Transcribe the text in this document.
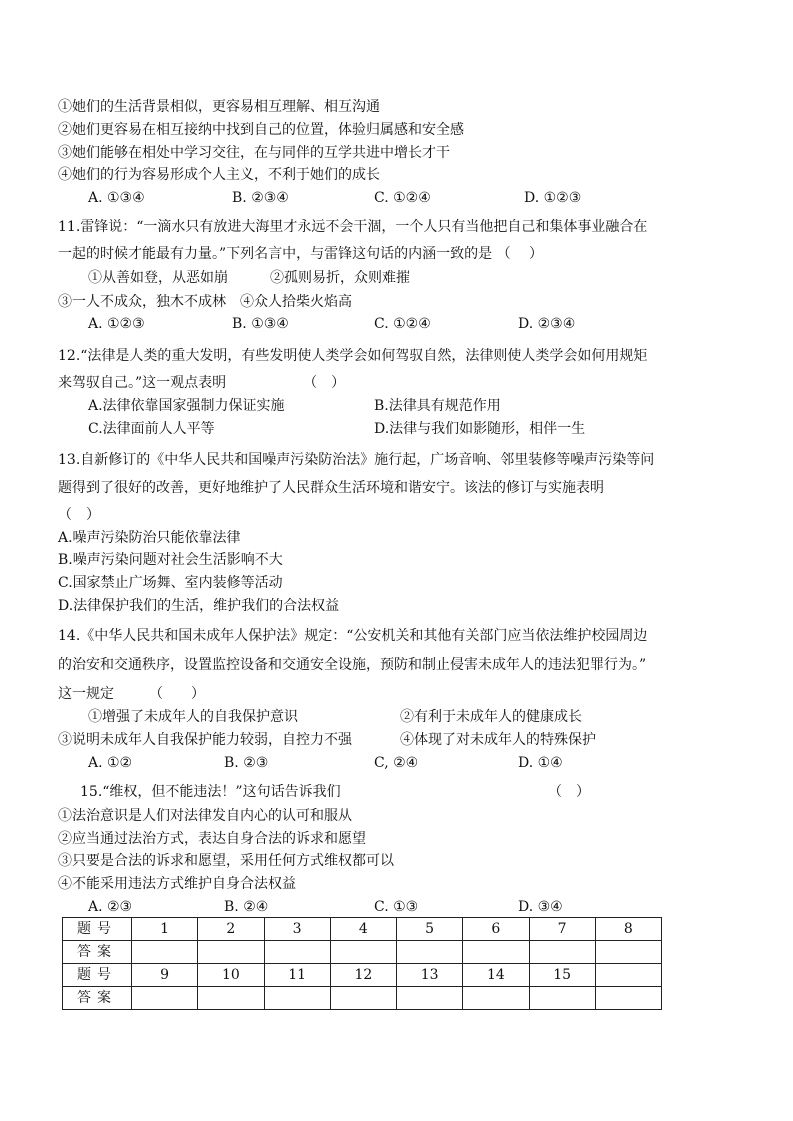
①她们的生活背景相似，更容易相互理解、相互沟通
②她们更容易在相互接纳中找到自己的位置，体验归属感和安全感
③她们能够在相处中学习交往，在与同伴的互学共进中增长才干
④她们的行为容易形成个人主义，不利于她们的成长
A. ①③④	B. ②③④	C. ①②④	D. ①②③
11.雷锋说：“一滴水只有放进大海里才永远不会干涸，一个人只有当他把自己和集体事业融合在
一起的时候才能最有力量。”下列名言中，与雷锋这句话的内涵一致的是 （　 ）
①从善如登，从恶如崩　　　②孤则易折，众则难摧
③一人不成众，独木不成林　④众人拾柴火焰高
A. ①②③	B. ①③④	C. ①②④	D. ②③④
12.“法律是人类的重大发明，有些发明使人类学会如何驾驭自然，法律则使人类学会如何用规矩
来驾驭自己。”这一观点表明　　　　　　（　）
A.法律依靠国家强制力保证实施	B.法律具有规范作用
C.法律面前人人平等	D.法律与我们如影随形，相伴一生
13.自新修订的《中华人民共和国噪声污染防治法》施行起，广场音响、邻里装修等噪声污染等问
题得到了很好的改善，更好地维护了人民群众生活环境和谐安宁。该法的修订与实施表明
（　）
A.噪声污染防治只能依靠法律
B.噪声污染问题对社会生活影响不大
C.国家禁止广场舞、室内装修等活动
D.法律保护我们的生活，维护我们的合法权益
14.《中华人民共和国未成年人保护法》规定：“公安机关和其他有关部门应当依法维护校园周边
的治安和交通秩序，设置监控设备和交通安全设施，预防和制止侵害未成年人的违法犯罪行为。”
这一规定　　　（　　）
①增强了未成年人的自我保护意识	②有利于未成年人的健康成长
③说明未成年人自我保护能力较弱，自控力不强	④体现了对未成年人的特殊保护
A. ①②	B. ②③	C, ②④	D. ①④
15.“维权，但不能违法！”这句话告诉我们	（　）
①法治意识是人们对法律发自内心的认可和服从
②应当通过法治方式，表达自身合法的诉求和愿望
③只要是合法的诉求和愿望，采用任何方式维权都可以
④不能采用违法方式维护自身合法权益
A. ②③	B. ②④	C. ①③	D. ③④
题号	1	2	3	4	5	6	7	8
答案								
题号	9	10	11	12	13	14	15	
答案								
